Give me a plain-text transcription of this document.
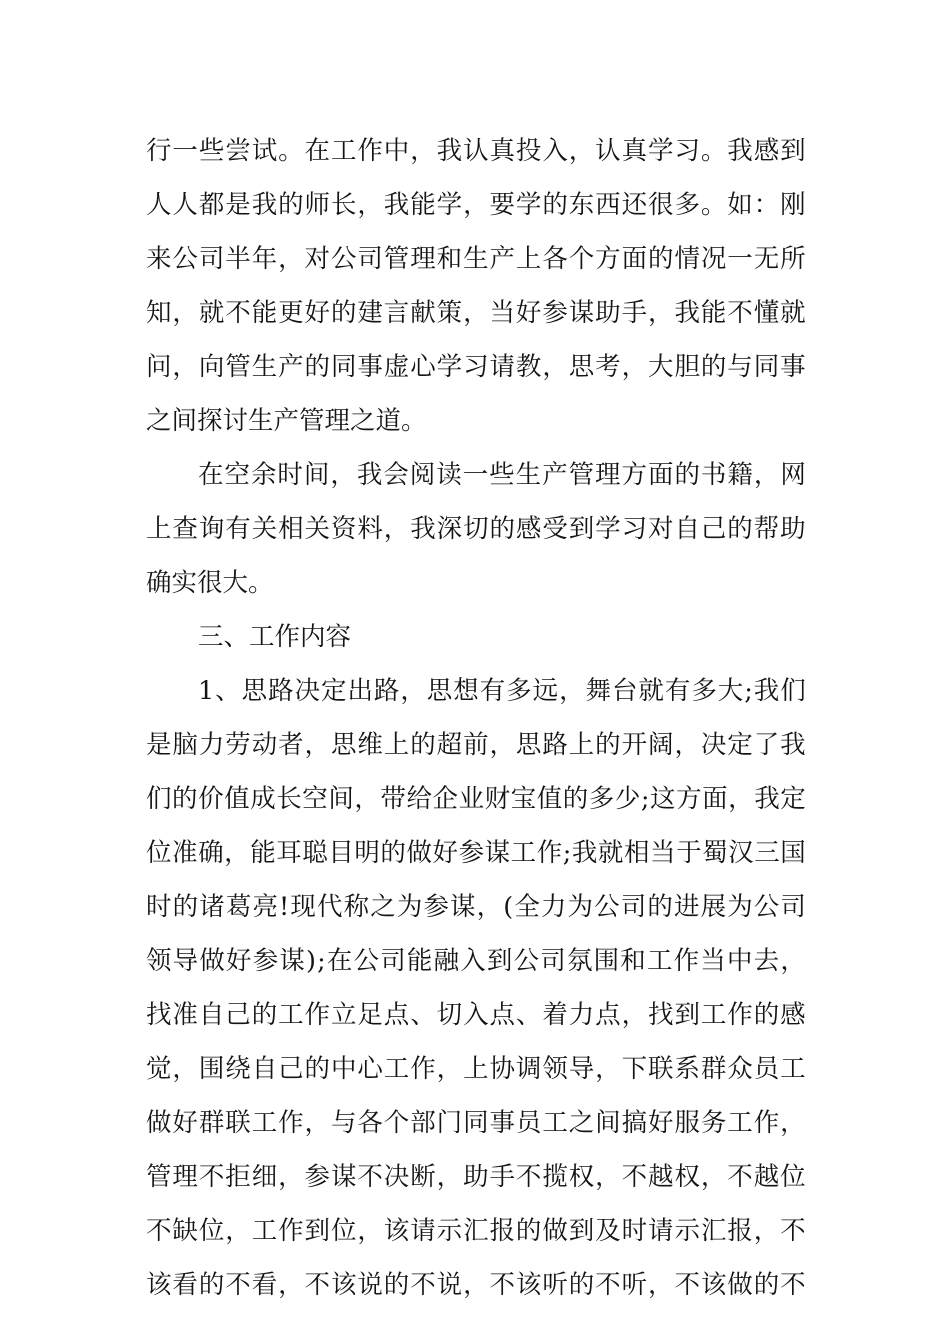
行 一 些 尝 试 。 在 工 作 中 ， 我 认 真 投 入 ， 认 真 学 习 。 我 感 到
人 人 都 是 我 的 师 长 ， 我 能 学 ， 要 学 的 东 西 还 很 多 。 如 ： 刚
来 公 司 半 年 ， 对 公 司 管 理 和 生 产 上 各 个 方 面 的 情 况 一 无 所
知 ， 就 不 能 更 好 的 建 言 献 策 ， 当 好 参 谋 助 手 ， 我 能 不 懂 就
问 ， 向 管 生 产 的 同 事 虚 心 学 习 请 教 ， 思 考 ， 大 胆 的 与 同 事
之间探讨生产管理之道。
在 空 余 时 间 ， 我 会 阅 读 一 些 生 产 管 理 方 面 的 书 籍 ， 网
上 查 询 有 关 相 关 资 料 ， 我 深 切 的 感 受 到 学 习 对 自 己 的 帮 助
确实很大。
三、工作内容
1 、 思 路 决 定 出 路 ， 思 想 有 多 远 ， 舞 台 就 有 多 大 ; 我 们
是 脑 力 劳 动 者 ， 思 维 上 的 超 前 ， 思 路 上 的 开 阔 ， 决 定 了 我
们 的 价 值 成 长 空 间 ， 带 给 企 业 财 宝 值 的 多 少 ; 这 方 面 ， 我 定
位 准 确 ， 能 耳 聪 目 明 的 做 好 参 谋 工 作 ; 我 就 相 当 于 蜀 汉 三 国
时 的 诸 葛 亮 ! 现 代 称 之 为 参 谋 ， ( 全 力 为 公 司 的 进 展 为 公 司
领 导 做 好 参 谋 ) ; 在 公 司 能 融 入 到 公 司 氛 围 和 工 作 当 中 去 ，
找 准 自 己 的 工 作 立 足 点 、 切 入 点 、 着 力 点 ， 找 到 工 作 的 感
觉 ， 围 绕 自 己 的 中 心 工 作 ， 上 协 调 领 导 ， 下 联 系 群 众 员 工
做 好 群 联 工 作 ， 与 各 个 部 门 同 事 员 工 之 间 搞 好 服 务 工 作 ，
管 理 不 拒 细 ， 参 谋 不 决 断 ， 助 手 不 揽 权 ， 不 越 权 ， 不 越 位
不 缺 位 ， 工 作 到 位 ， 该 请 示 汇 报 的 做 到 及 时 请 示 汇 报 ， 不
该 看 的 不 看 ， 不 该 说 的 不 说 ， 不 该 听 的 不 听 ， 不 该 做 的 不
